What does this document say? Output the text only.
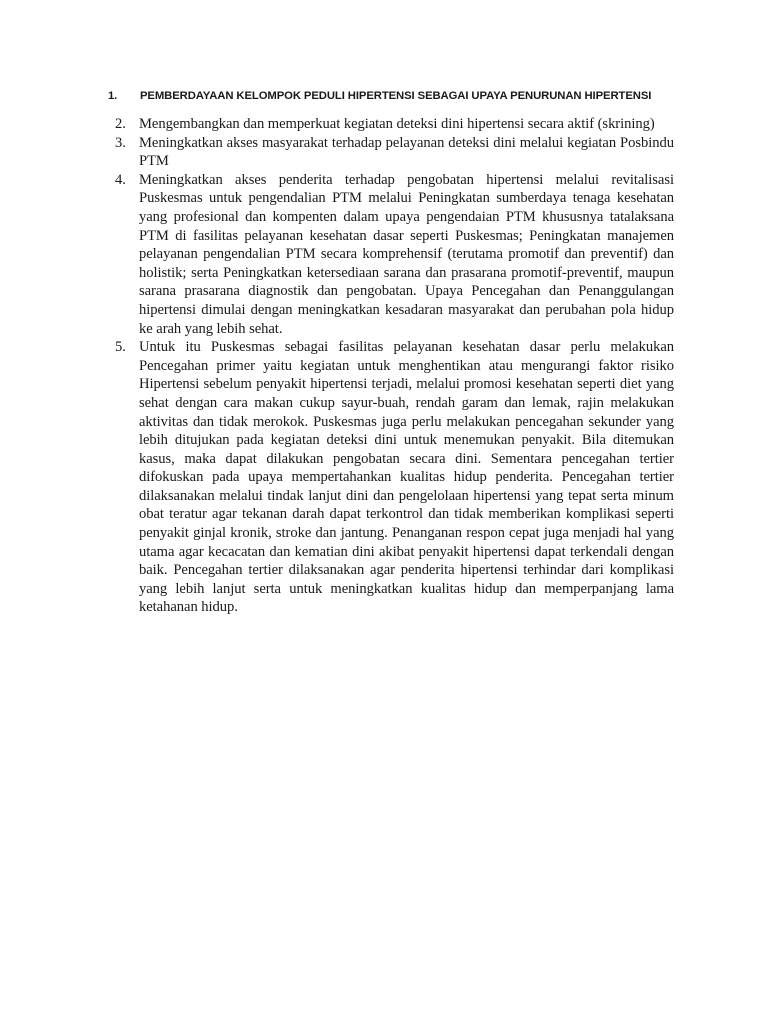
1. PEMBERDAYAAN KELOMPOK PEDULI HIPERTENSI SEBAGAI UPAYA PENURUNAN HIPERTENSI
2. Mengembangkan dan memperkuat kegiatan deteksi dini hipertensi secara aktif (skrining)
3. Meningkatkan akses masyarakat terhadap pelayanan deteksi dini melalui kegiatan Posbindu PTM
4. Meningkatkan akses penderita terhadap pengobatan hipertensi melalui revitalisasi Puskesmas untuk pengendalian PTM melalui Peningkatan sumberdaya tenaga kesehatan yang profesional dan kompenten dalam upaya pengendaian PTM khususnya tatalaksana PTM di fasilitas pelayanan kesehatan dasar seperti Puskesmas; Peningkatan manajemen pelayanan pengendalian PTM secara komprehensif (terutama promotif dan preventif) dan holistik; serta Peningkatkan ketersediaan sarana dan prasarana promotif-preventif, maupun sarana prasarana diagnostik dan pengobatan. Upaya Pencegahan dan Penanggulangan hipertensi dimulai dengan meningkatkan kesadaran masyarakat dan perubahan pola hidup ke arah yang lebih sehat.
5. Untuk itu Puskesmas sebagai fasilitas pelayanan kesehatan dasar perlu melakukan Pencegahan primer yaitu kegiatan untuk menghentikan atau mengurangi faktor risiko Hipertensi sebelum penyakit hipertensi terjadi, melalui promosi kesehatan seperti diet yang sehat dengan cara makan cukup sayur-buah, rendah garam dan lemak, rajin melakukan aktivitas dan tidak merokok. Puskesmas juga perlu melakukan pencegahan sekunder yang lebih ditujukan pada kegiatan deteksi dini untuk menemukan penyakit. Bila ditemukan kasus, maka dapat dilakukan pengobatan secara dini. Sementara pencegahan tertier difokuskan pada upaya mempertahankan kualitas hidup penderita. Pencegahan tertier dilaksanakan melalui tindak lanjut dini dan pengelolaan hipertensi yang tepat serta minum obat teratur agar tekanan darah dapat terkontrol dan tidak memberikan komplikasi seperti penyakit ginjal kronik, stroke dan jantung. Penanganan respon cepat juga menjadi hal yang utama agar kecacatan dan kematian dini akibat penyakit hipertensi dapat terkendali dengan baik. Pencegahan tertier dilaksanakan agar penderita hipertensi terhindar dari komplikasi yang lebih lanjut serta untuk meningkatkan kualitas hidup dan memperpanjang lama ketahanan hidup.
